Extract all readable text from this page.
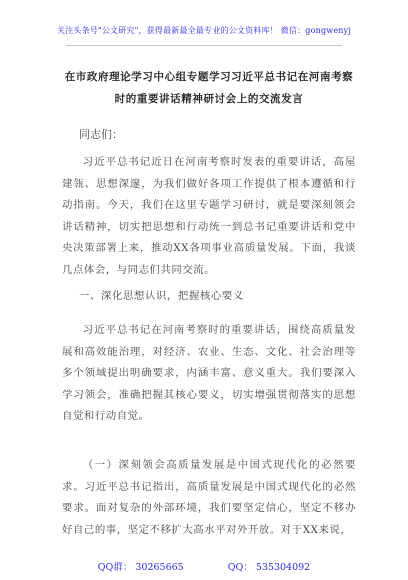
关注头条号"公文研究"，获得最新最全最专业的公文资料库！ 微信：gongwenyj
在市政府理论学习中心组专题学习习近平总书记在河南考察时的重要讲话精神研讨会上的交流发言
同志们：
习近平总书记近日在河南考察时发表的重要讲话，高屋建瓴、思想深邃，为我们做好各项工作提供了根本遵循和行动指南。今天，我们在这里专题学习研讨，就是要深刻领会讲话精神，切实把思想和行动统一到总书记重要讲话和党中央决策部署上来，推动XX各项事业高质量发展。下面，我谈几点体会，与同志们共同交流。
一、深化思想认识，把握核心要义
习近平总书记在河南考察时的重要讲话，围绕高质量发展和高效能治理，对经济、农业、生态、文化、社会治理等多个领域提出明确要求，内涵丰富、意义重大。我们要深入学习领会，准确把握其核心要义，切实增强贯彻落实的思想自觉和行动自觉。
（一）深刻领会高质量发展是中国式现代化的必然要求。习近平总书记指出，高质量发展是中国式现代化的必然要求。面对复杂的外部环境，我们要坚定信心，坚定不移办好自己的事，坚定不移扩大高水平对外开放。对于XX来说，
QQ群： 30265665	QQ： 535304092
